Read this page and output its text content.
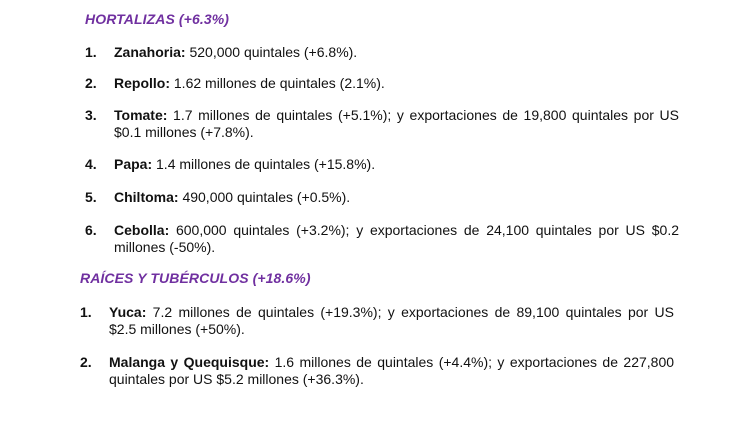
HORTALIZAS (+6.3%)
1. Zanahoria: 520,000 quintales (+6.8%).
2. Repollo: 1.62 millones de quintales (2.1%).
3. Tomate: 1.7 millones de quintales (+5.1%); y exportaciones de 19,800 quintales por US $0.1 millones (+7.8%).
4. Papa: 1.4 millones de quintales (+15.8%).
5. Chiltoma: 490,000 quintales (+0.5%).
6. Cebolla: 600,000 quintales (+3.2%); y exportaciones de 24,100 quintales por US $0.2 millones (-50%).
RAÍCES Y TUBÉRCULOS (+18.6%)
1. Yuca: 7.2 millones de quintales (+19.3%); y exportaciones de 89,100 quintales por US $2.5 millones (+50%).
2. Malanga y Quequisque: 1.6 millones de quintales (+4.4%); y exportaciones de 227,800 quintales por US $5.2 millones (+36.3%).
